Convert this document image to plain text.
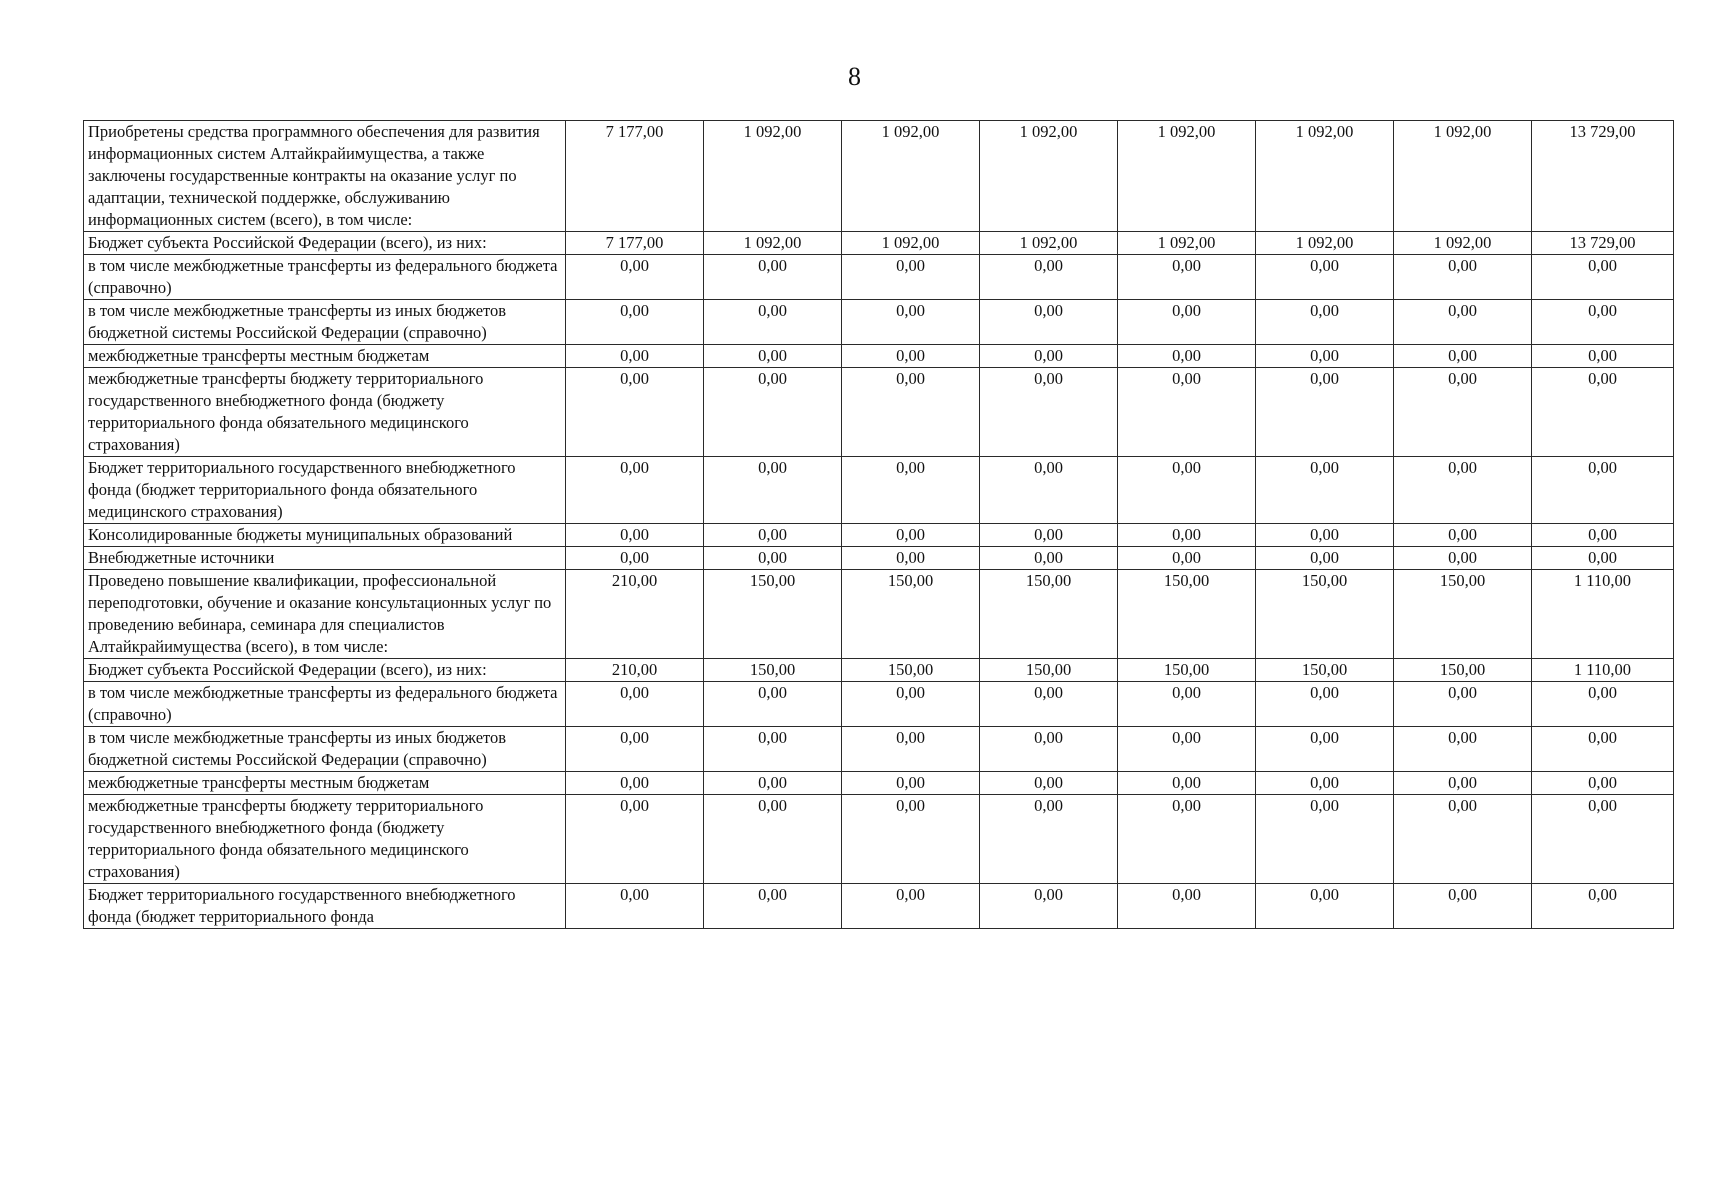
8
Приобретены средства программного обеспечения для развития информационных систем Алтайкрайимущества, а также заключены государственные контракты на оказание услуг по адаптации, технической поддержке, обслуживанию информационных систем (всего), в том числе:	7 177,00	1 092,00	1 092,00	1 092,00	1 092,00	1 092,00	1 092,00	13 729,00
Бюджет субъекта Российской Федерации (всего), из них:	7 177,00	1 092,00	1 092,00	1 092,00	1 092,00	1 092,00	1 092,00	13 729,00
в том числе межбюджетные трансферты из федерального бюджета (справочно)	0,00	0,00	0,00	0,00	0,00	0,00	0,00	0,00
в том числе межбюджетные трансферты из иных бюджетов бюджетной системы Российской Федерации (справочно)	0,00	0,00	0,00	0,00	0,00	0,00	0,00	0,00
межбюджетные трансферты местным бюджетам	0,00	0,00	0,00	0,00	0,00	0,00	0,00	0,00
межбюджетные трансферты бюджету территориального государственного внебюджетного фонда (бюджету территориального фонда обязательного медицинского страхования)	0,00	0,00	0,00	0,00	0,00	0,00	0,00	0,00
Бюджет территориального государственного внебюджетного фонда (бюджет территориального фонда обязательного медицинского страхования)	0,00	0,00	0,00	0,00	0,00	0,00	0,00	0,00
Консолидированные бюджеты муниципальных образований	0,00	0,00	0,00	0,00	0,00	0,00	0,00	0,00
Внебюджетные источники	0,00	0,00	0,00	0,00	0,00	0,00	0,00	0,00
Проведено повышение квалификации, профессиональной переподготовки, обучение и оказание консультационных услуг по проведению вебинара, семинара для специалистов Алтайкрайимущества (всего), в том числе:	210,00	150,00	150,00	150,00	150,00	150,00	150,00	1 110,00
Бюджет субъекта Российской Федерации (всего), из них:	210,00	150,00	150,00	150,00	150,00	150,00	150,00	1 110,00
в том числе межбюджетные трансферты из федерального бюджета (справочно)	0,00	0,00	0,00	0,00	0,00	0,00	0,00	0,00
в том числе межбюджетные трансферты из иных бюджетов бюджетной системы Российской Федерации (справочно)	0,00	0,00	0,00	0,00	0,00	0,00	0,00	0,00
межбюджетные трансферты местным бюджетам	0,00	0,00	0,00	0,00	0,00	0,00	0,00	0,00
межбюджетные трансферты бюджету территориального государственного внебюджетного фонда (бюджету территориального фонда обязательного медицинского страхования)	0,00	0,00	0,00	0,00	0,00	0,00	0,00	0,00
Бюджет территориального государственного внебюджетного фонда (бюджет территориального фонда	0,00	0,00	0,00	0,00	0,00	0,00	0,00	0,00
